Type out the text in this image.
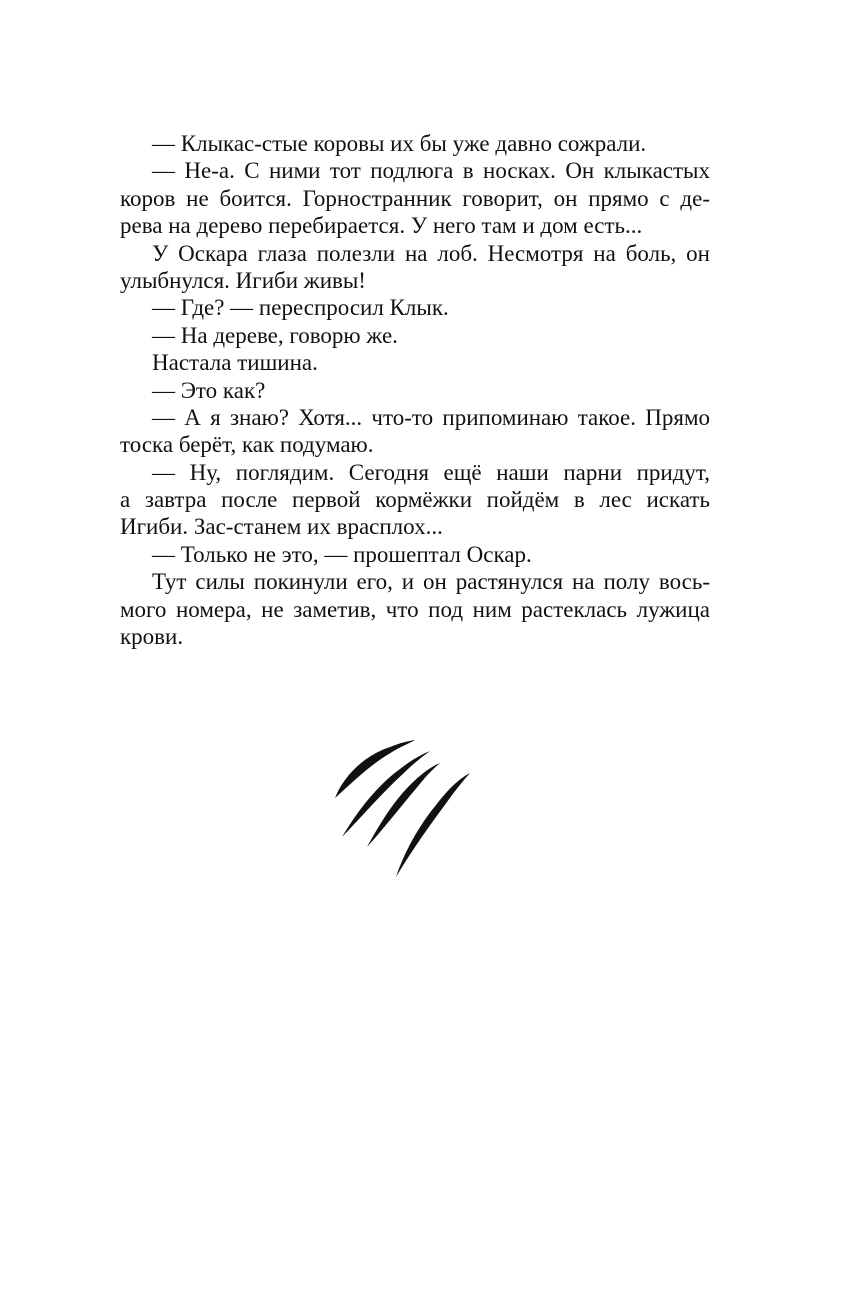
— Клыкас-стые коровы их бы уже давно сожрали.
— Не-а. С ними тот подлюга в носках. Он клыкастых
коров не боится. Горностранник говорит, он прямо с де-
рева на дерево перебирается. У него там и дом есть...
У Оскара глаза полезли на лоб. Несмотря на боль, он
улыбнулся. Игиби живы!
— Где? — переспросил Клык.
— На дереве, говорю же.
Настала тишина.
— Это как?
— А я знаю? Хотя... что-то припоминаю такое. Прямо
тоска берёт, как подумаю.
— Ну, поглядим. Сегодня ещё наши парни придут,
а завтра после первой кормёжки пойдём в лес искать
Игиби. Зас-станем их врасплох...
— Только не это, — прошептал Оскар.
Тут силы покинули его, и он растянулся на полу вось-
мого номера, не заметив, что под ним растеклась лужица
крови.
